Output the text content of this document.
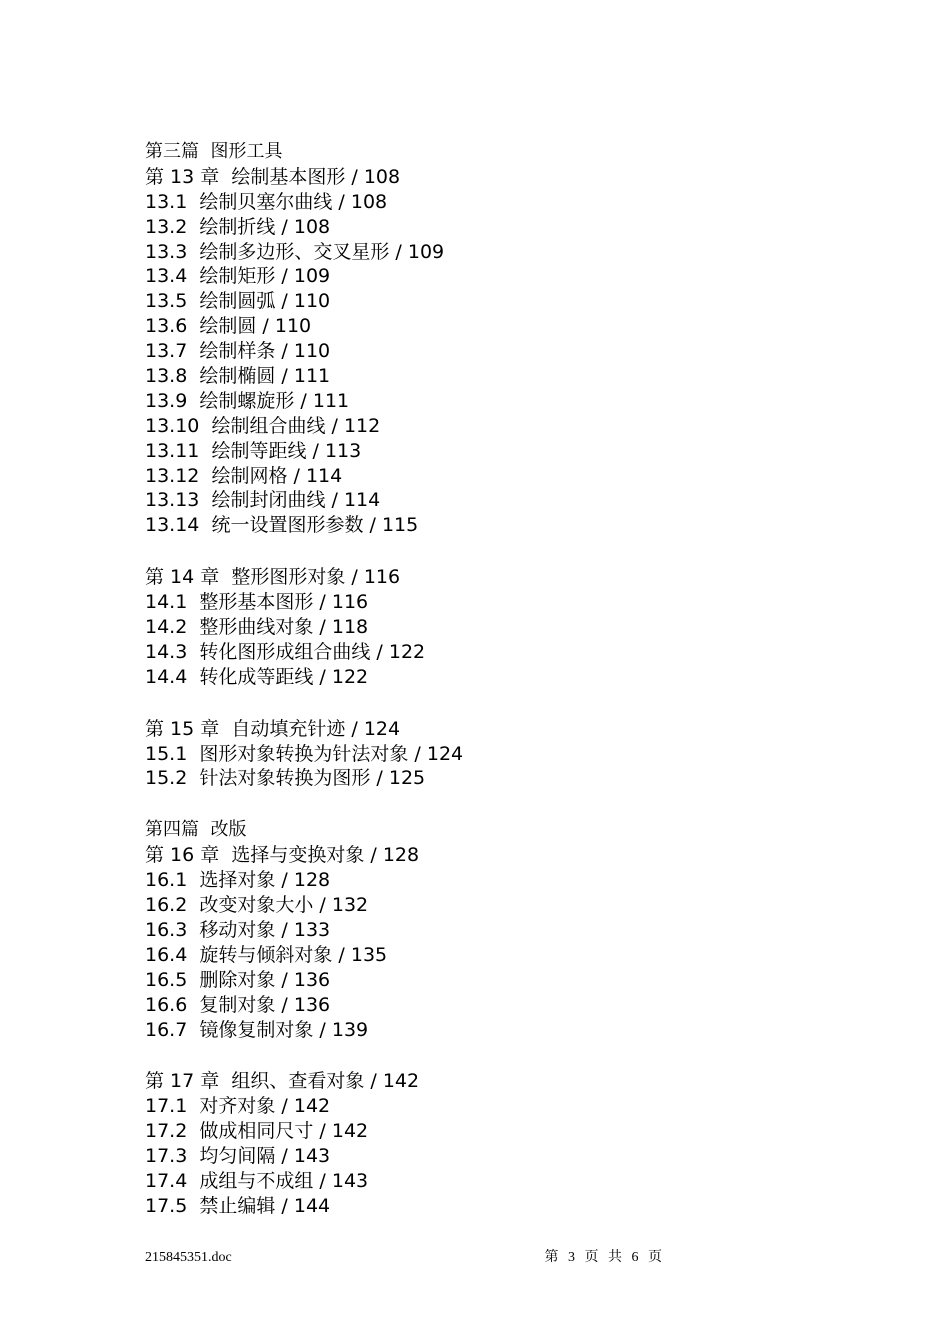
第三篇  图形工具
第 13 章  绘制基本图形 / 108
13.1  绘制贝塞尔曲线 / 108
13.2  绘制折线 / 108
13.3  绘制多边形、交叉星形 / 109
13.4  绘制矩形 / 109
13.5  绘制圆弧 / 110
13.6  绘制圆 / 110
13.7  绘制样条 / 110
13.8  绘制椭圆 / 111
13.9  绘制螺旋形 / 111
13.10  绘制组合曲线 / 112
13.11  绘制等距线 / 113
13.12  绘制网格 / 114
13.13  绘制封闭曲线 / 114
13.14  统一设置图形参数 / 115
第 14 章  整形图形对象 / 116
14.1  整形基本图形 / 116
14.2  整形曲线对象 / 118
14.3  转化图形成组合曲线 / 122
14.4  转化成等距线 / 122
第 15 章  自动填充针迹 / 124
15.1  图形对象转换为针法对象 / 124
15.2  针法对象转换为图形 / 125
第四篇  改版
第 16 章  选择与变换对象 / 128
16.1  选择对象 / 128
16.2  改变对象大小 / 132
16.3  移动对象 / 133
16.4  旋转与倾斜对象 / 135
16.5  删除对象 / 136
16.6  复制对象 / 136
16.7  镜像复制对象 / 139
第 17 章  组织、查看对象 / 142
17.1  对齐对象 / 142
17.2  做成相同尺寸 / 142
17.3  均匀间隔 / 143
17.4  成组与不成组 / 143
17.5  禁止编辑 / 144
215845351.doc	第 3 页 共 6 页
